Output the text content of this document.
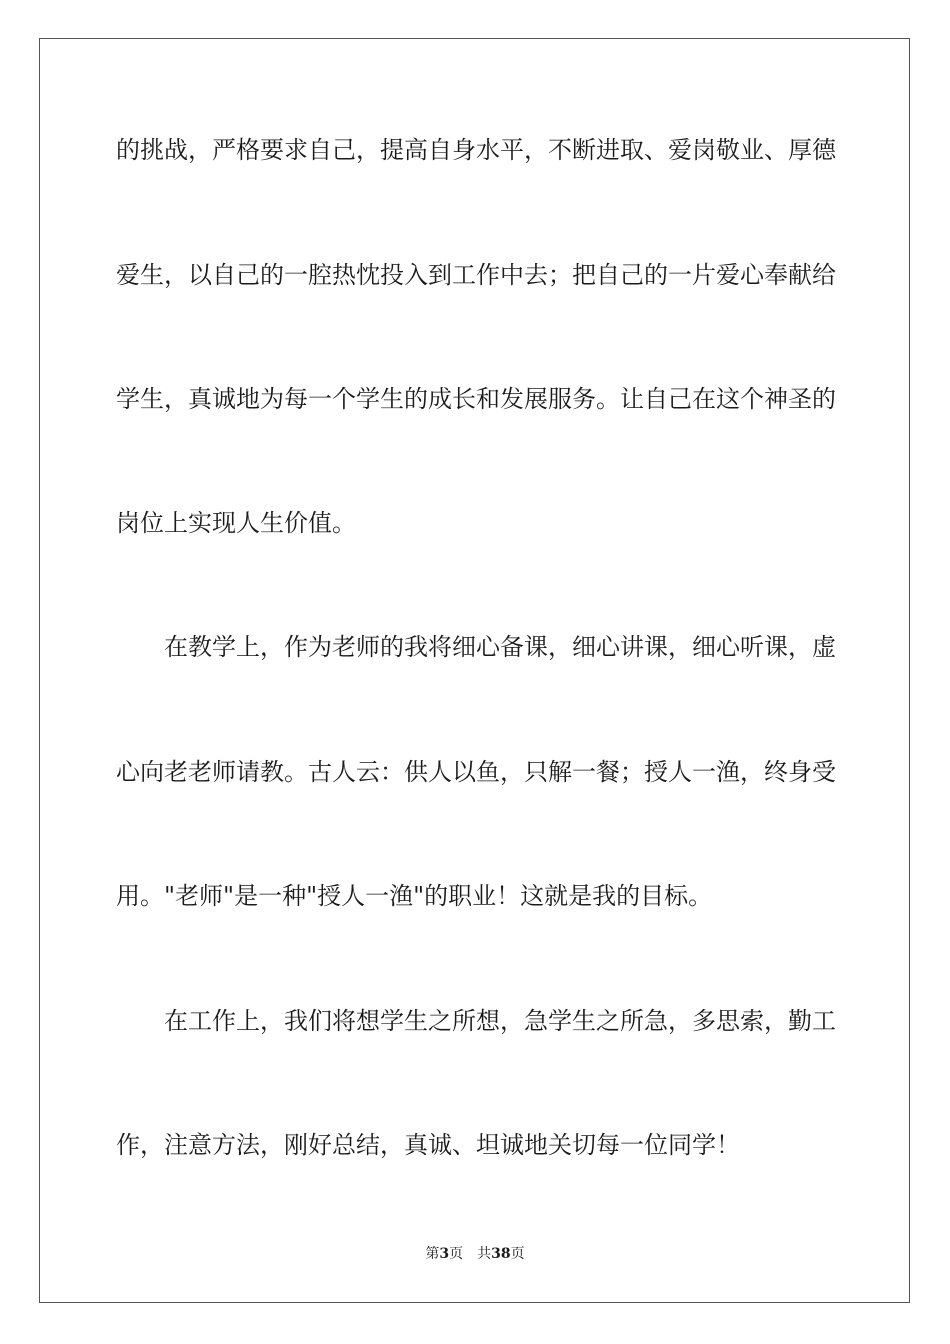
的挑战，严格要求自己，提高自身水平，不断进取、爱岗敬业、厚德
爱生，以自己的一腔热忱投入到工作中去；把自己的一片爱心奉献给
学生，真诚地为每一个学生的成长和发展服务。让自己在这个神圣的
岗位上实现人生价值。
在教学上，作为老师的我将细心备课，细心讲课，细心听课，虚
心向老老师请教。古人云：供人以鱼，只解一餐；授人一渔，终身受
用。"老师"是一种"授人一渔"的职业！这就是我的目标。
在工作上，我们将想学生之所想，急学生之所急，多思索，勤工
作，注意方法，刚好总结，真诚、坦诚地关切每一位同学！
第3页 共38页
